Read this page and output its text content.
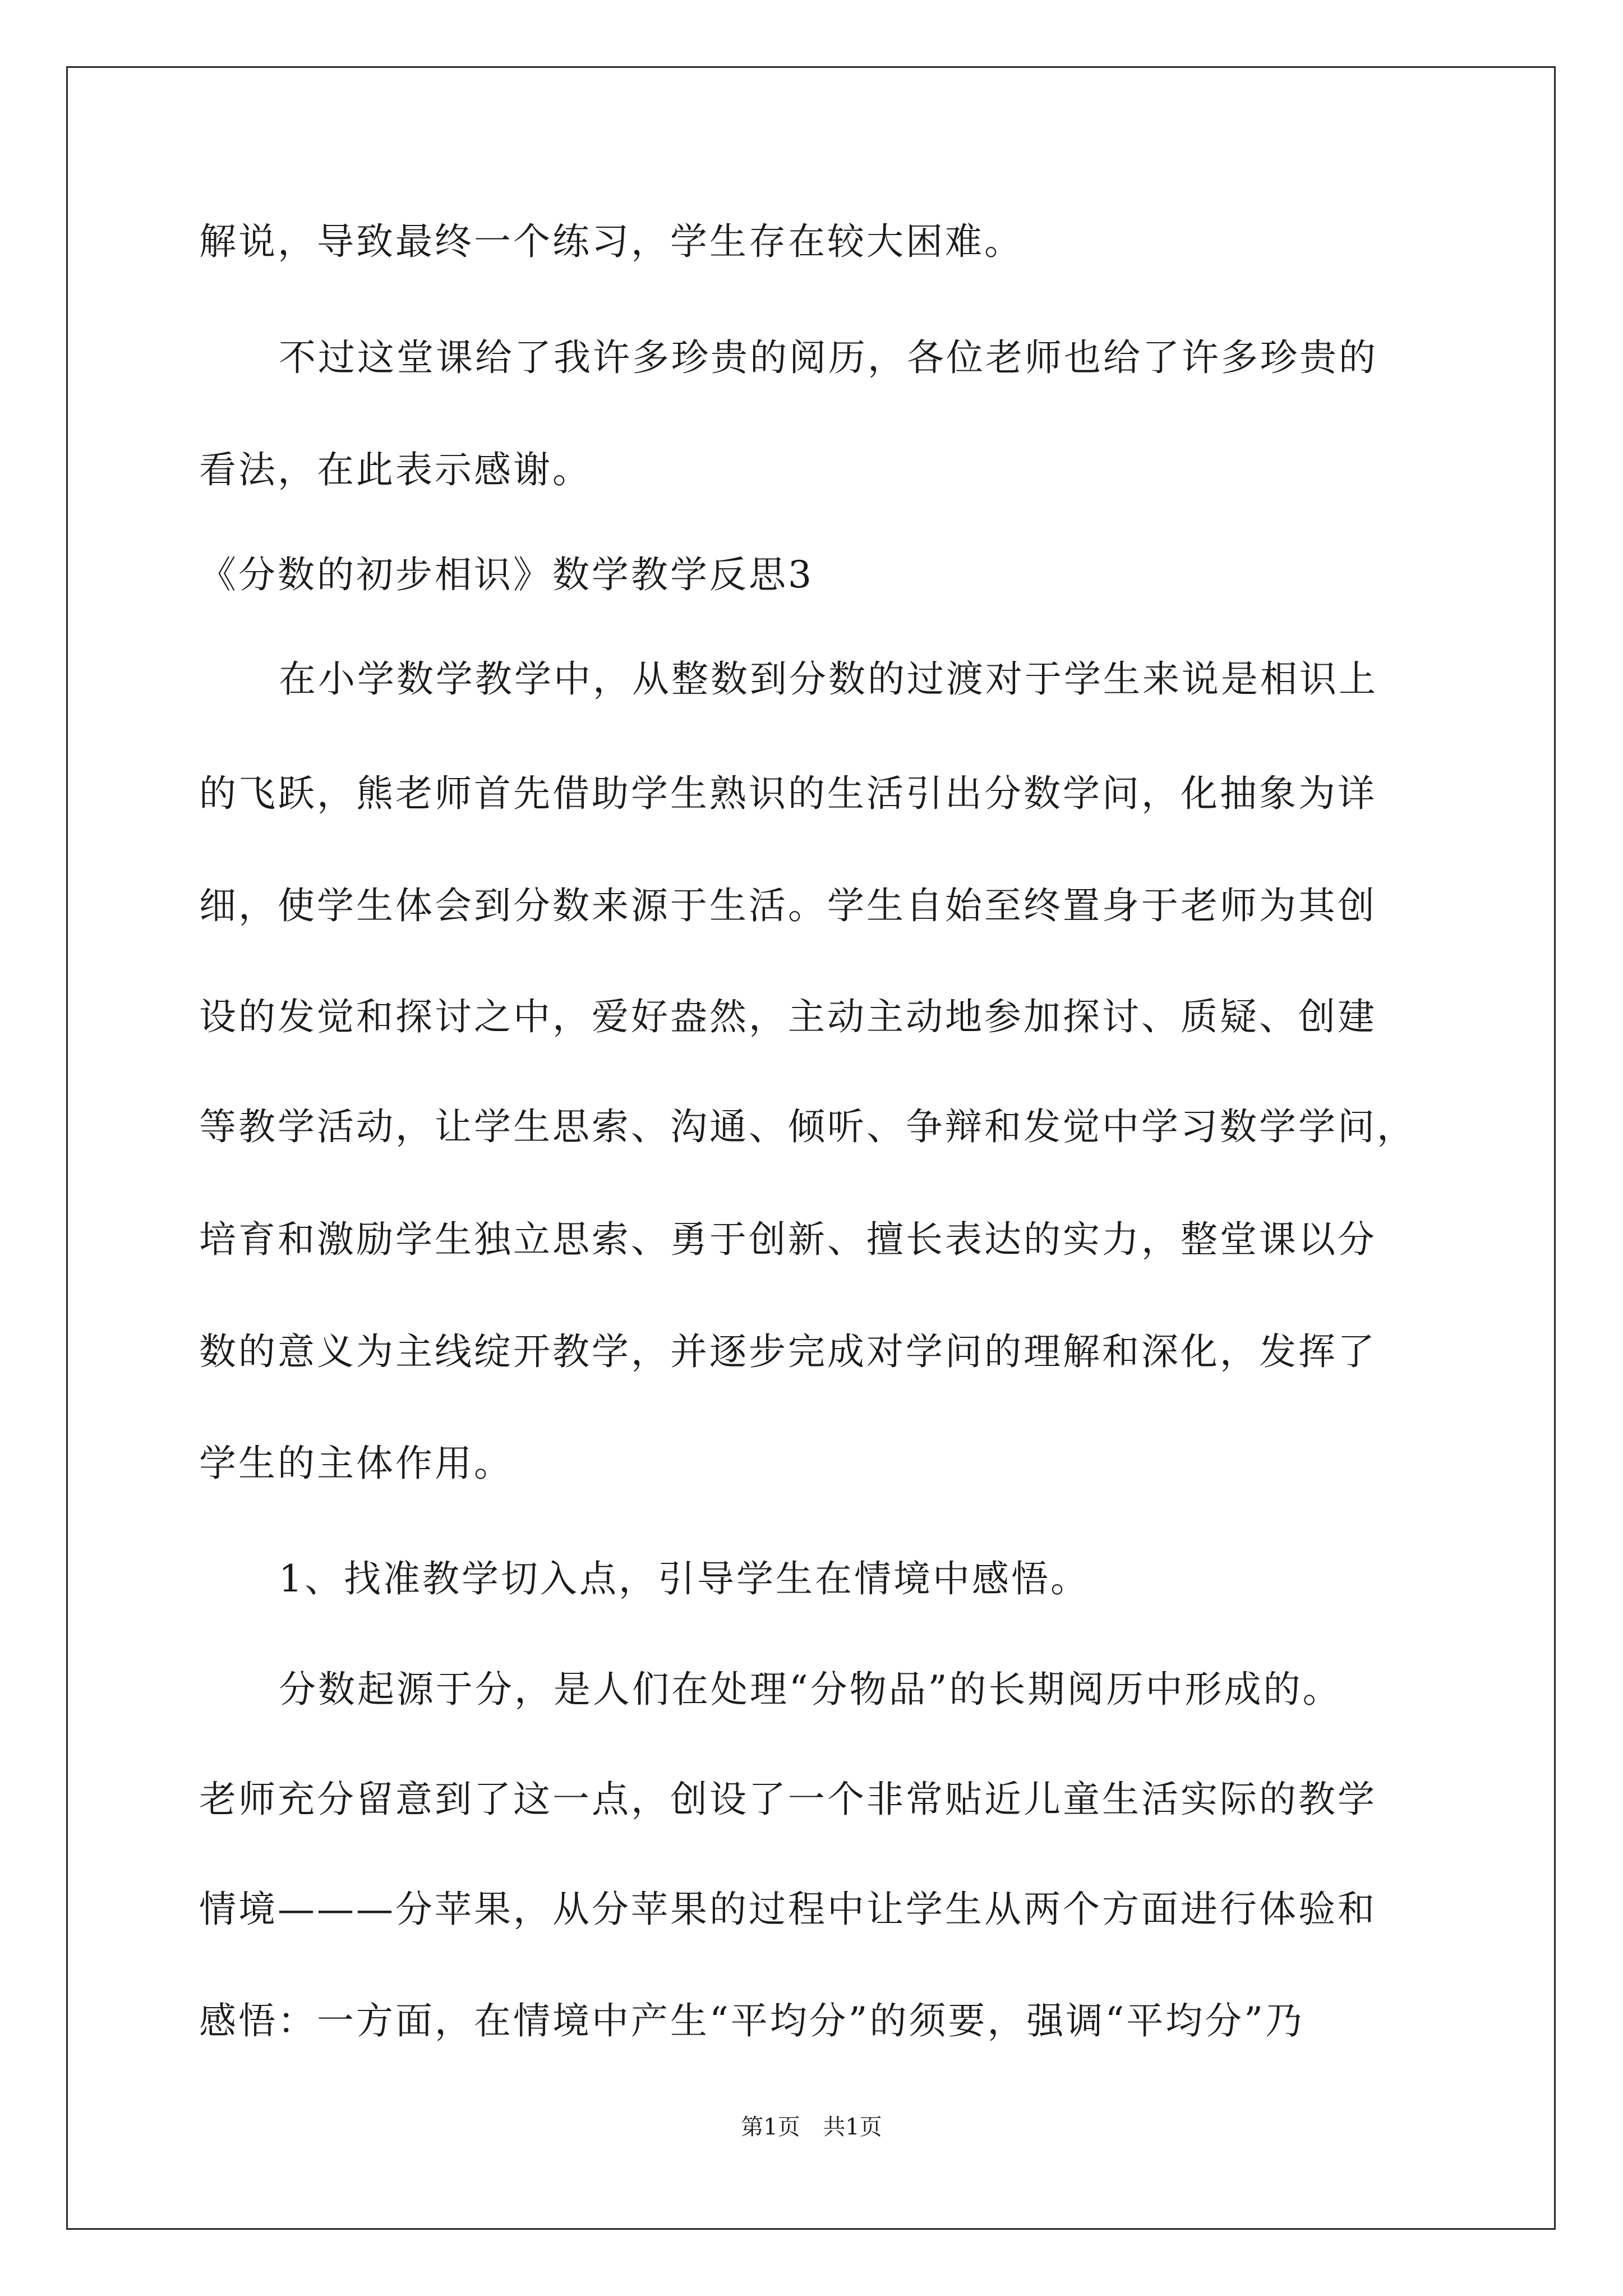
解说，导致最终一个练习，学生存在较大困难。
不过这堂课给了我许多珍贵的阅历，各位老师也给了许多珍贵的
看法，在此表示感谢。
《分数的初步相识》数学教学反思3
在小学数学教学中，从整数到分数的过渡对于学生来说是相识上
的飞跃，熊老师首先借助学生熟识的生活引出分数学问，化抽象为详
细，使学生体会到分数来源于生活。学生自始至终置身于老师为其创
设的发觉和探讨之中，爱好盎然，主动主动地参加探讨、质疑、创建
等教学活动，让学生思索、沟通、倾听、争辩和发觉中学习数学学问，
培育和激励学生独立思索、勇于创新、擅长表达的实力，整堂课以分
数的意义为主线绽开教学，并逐步完成对学问的理解和深化，发挥了
学生的主体作用。
1、找准教学切入点，引导学生在情境中感悟。
分数起源于分，是人们在处理“分物品”的长期阅历中形成的。
老师充分留意到了这一点，创设了一个非常贴近儿童生活实际的教学
情境———分苹果，从分苹果的过程中让学生从两个方面进行体验和
感悟：一方面，在情境中产生“平均分”的须要，强调“平均分”乃
第1页 共1页
